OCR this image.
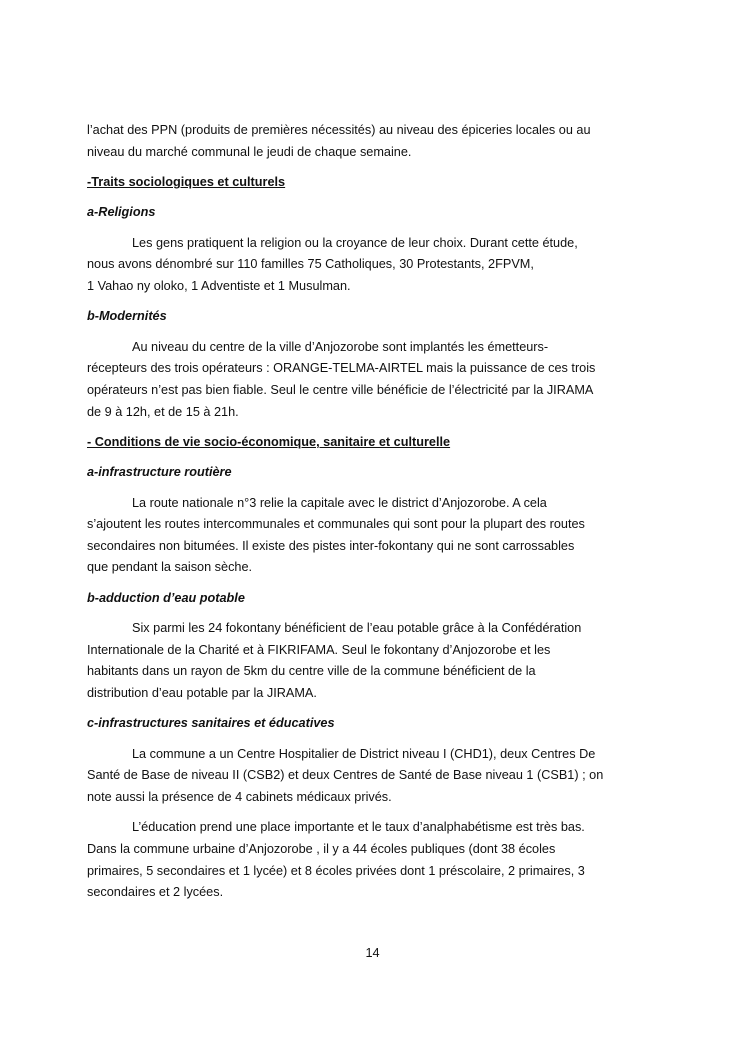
l’achat des PPN (produits de premières nécessités) au niveau des épiceries locales ou au
niveau du marché communal le jeudi de chaque semaine.

-Traits sociologiques et culturels

a-Religions

Les gens pratiquent la religion ou la croyance de leur choix. Durant cette étude,
nous avons dénombré sur 110 familles 75 Catholiques, 30 Protestants, 2FPVM,
1 Vahao ny oloko, 1 Adventiste et 1 Musulman.

b-Modernités

Au niveau du centre de la ville d’Anjozorobe sont implantés les émetteurs-
récepteurs des trois opérateurs : ORANGE-TELMA-AIRTEL mais la puissance de ces trois
opérateurs n’est pas bien fiable. Seul le centre ville bénéficie de l’électricité par la JIRAMA
de 9 à 12h, et de 15 à 21h.

- Conditions de vie socio-économique, sanitaire et culturelle

a-infrastructure routière

La route nationale n°3 relie la capitale avec le district d’Anjozorobe. A cela
s’ajoutent les routes intercommunales et communales qui sont pour la plupart des routes
secondaires non bitumées. Il existe des pistes inter-fokontany qui ne sont carrossables
que pendant la saison sèche.

b-adduction d’eau potable

Six parmi les 24 fokontany bénéficient de l’eau potable grâce à la Confédération
Internationale de la Charité et à FIKRIFAMA. Seul le fokontany d’Anjozorobe et les
habitants dans un rayon de 5km du centre ville de la commune bénéficient de la
distribution d’eau potable par la JIRAMA.

c-infrastructures sanitaires et éducatives

La commune a un Centre Hospitalier de District niveau I (CHD1), deux Centres De
Santé de Base de niveau II (CSB2) et deux Centres de Santé de Base niveau 1 (CSB1) ; on
note aussi la présence de 4 cabinets médicaux privés.

L’éducation prend une place importante et le taux d’analphabétisme est très bas.
Dans la commune urbaine d’Anjozorobe , il y a 44 écoles publiques (dont 38 écoles
primaires, 5 secondaires et 1 lycée) et 8 écoles privées dont 1 préscolaire, 2 primaires, 3
secondaires et 2 lycées.

14
